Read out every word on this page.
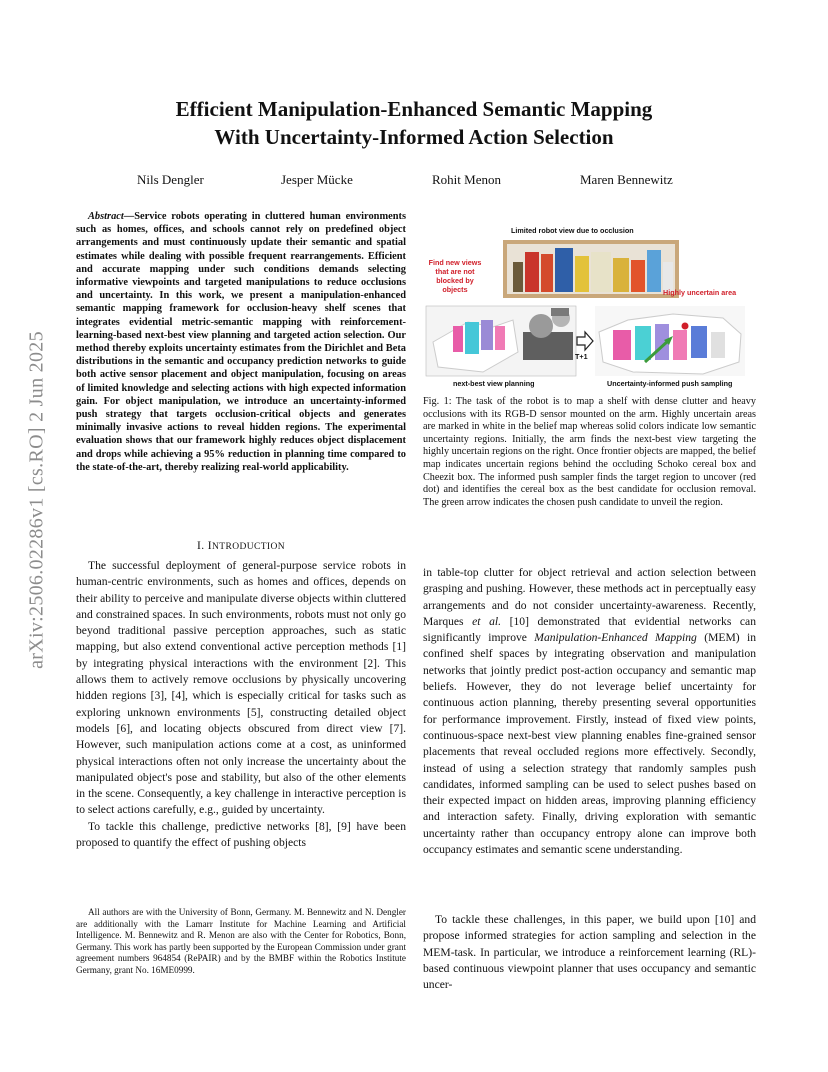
arXiv:2506.02286v1 [cs.RO] 2 Jun 2025
Efficient Manipulation-Enhanced Semantic Mapping
With Uncertainty-Informed Action Selection
Nils Dengler	Jesper Mücke	Rohit Menon	Maren Bennewitz
Abstract—Service robots operating in cluttered human environments such as homes, offices, and schools cannot rely on predefined object arrangements and must continuously update their semantic and spatial estimates while dealing with possible frequent rearrangements. Efficient and accurate mapping under such conditions demands selecting informative viewpoints and targeted manipulations to reduce occlusions and uncertainty. In this work, we present a manipulation-enhanced semantic mapping framework for occlusion-heavy shelf scenes that integrates evidential metric-semantic mapping with reinforcement-learning-based next-best view planning and targeted action selection. Our method thereby exploits uncertainty estimates from the Dirichlet and Beta distributions in the semantic and occupancy prediction networks to guide both active sensor placement and object manipulation, focusing on areas of limited knowledge and selecting actions with high expected information gain. For object manipulation, we introduce an uncertainty-informed push strategy that targets occlusion-critical objects and generates minimally invasive actions to reveal hidden regions. The experimental evaluation shows that our framework highly reduces object displacement and drops while achieving a 95% reduction in planning time compared to the state-of-the-art, thereby realizing real-world applicability.
I. INTRODUCTION

The successful deployment of general-purpose service robots in human-centric environments, such as homes and offices, depends on their ability to perceive and manipulate diverse objects within cluttered and constrained spaces. In such environments, robots must not only go beyond traditional passive perception approaches, such as static mapping, but also extend conventional active perception methods [1] by integrating physical interactions with the environment [2]. This allows them to actively remove occlusions by physically uncovering hidden regions [3], [4], which is especially critical for tasks such as exploring unknown environments [5], constructing detailed object models [6], and locating objects obscured from direct view [7]. However, such manipulation actions come at a cost, as uninformed physical interactions often not only increase the uncertainty about the manipulated object's pose and stability, but also of the other elements in the scene. Consequently, a key challenge in interactive perception is to select actions carefully, e.g., guided by uncertainty.

To tackle this challenge, predictive networks [8], [9] have been proposed to quantify the effect of pushing objects

All authors are with the University of Bonn, Germany. M. Bennewitz and N. Dengler are additionally with the Lamarr Institute for Machine Learning and Artificial Intelligence. M. Bennewitz and R. Menon are also with the Center for Robotics, Bonn, Germany. This work has partly been supported by the European Commission under grant agreement numbers 964854 (RePAIR) and by the BMBF within the Robotics Institute Germany, grant No. 16ME0999.

Limited robot view due to occlusion
Find new views that are not blocked by objects	Highly uncertain area
T+1
next-best view planning	Uncertainty-informed push sampling
Fig. 1: The task of the robot is to map a shelf with dense clutter and heavy occlusions with its RGB-D sensor mounted on the arm. Highly uncertain areas are marked in white in the belief map whereas solid colors indicate low semantic uncertainty regions. Initially, the arm finds the next-best view targeting the highly uncertain regions on the right. Once frontier objects are mapped, the belief map indicates uncertain regions behind the occluding Schoko cereal box and Cheezit box. The informed push sampler finds the target region to uncover (red dot) and identifies the cereal box as the best candidate for occlusion removal. The green arrow indicates the chosen push candidate to unveil the region.

in table-top clutter for object retrieval and action selection between grasping and pushing. However, these methods act in perceptually easy arrangements and do not consider uncertainty-awareness. Recently, Marques et al. [10] demonstrated that evidential networks can significantly improve Manipulation-Enhanced Mapping (MEM) in confined shelf spaces by integrating observation and manipulation networks that jointly predict post-action occupancy and semantic map beliefs. However, they do not leverage belief uncertainty for continuous action planning, thereby presenting several opportunities for performance improvement. Firstly, instead of fixed view points, continuous-space next-best view planning enables fine-grained sensor placements that reveal occluded regions more effectively. Secondly, instead of using a selection strategy that randomly samples push candidates, informed sampling can be used to select pushes based on their expected impact on hidden areas, improving planning efficiency and interaction safety. Finally, driving exploration with semantic uncertainty rather than occupancy entropy alone can improve both occupancy estimates and semantic scene understanding.

To tackle these challenges, in this paper, we build upon [10] and propose informed strategies for action sampling and selection in the MEM-task. In particular, we introduce a reinforcement learning (RL)-based continuous viewpoint planner that uses occupancy and semantic uncer-
